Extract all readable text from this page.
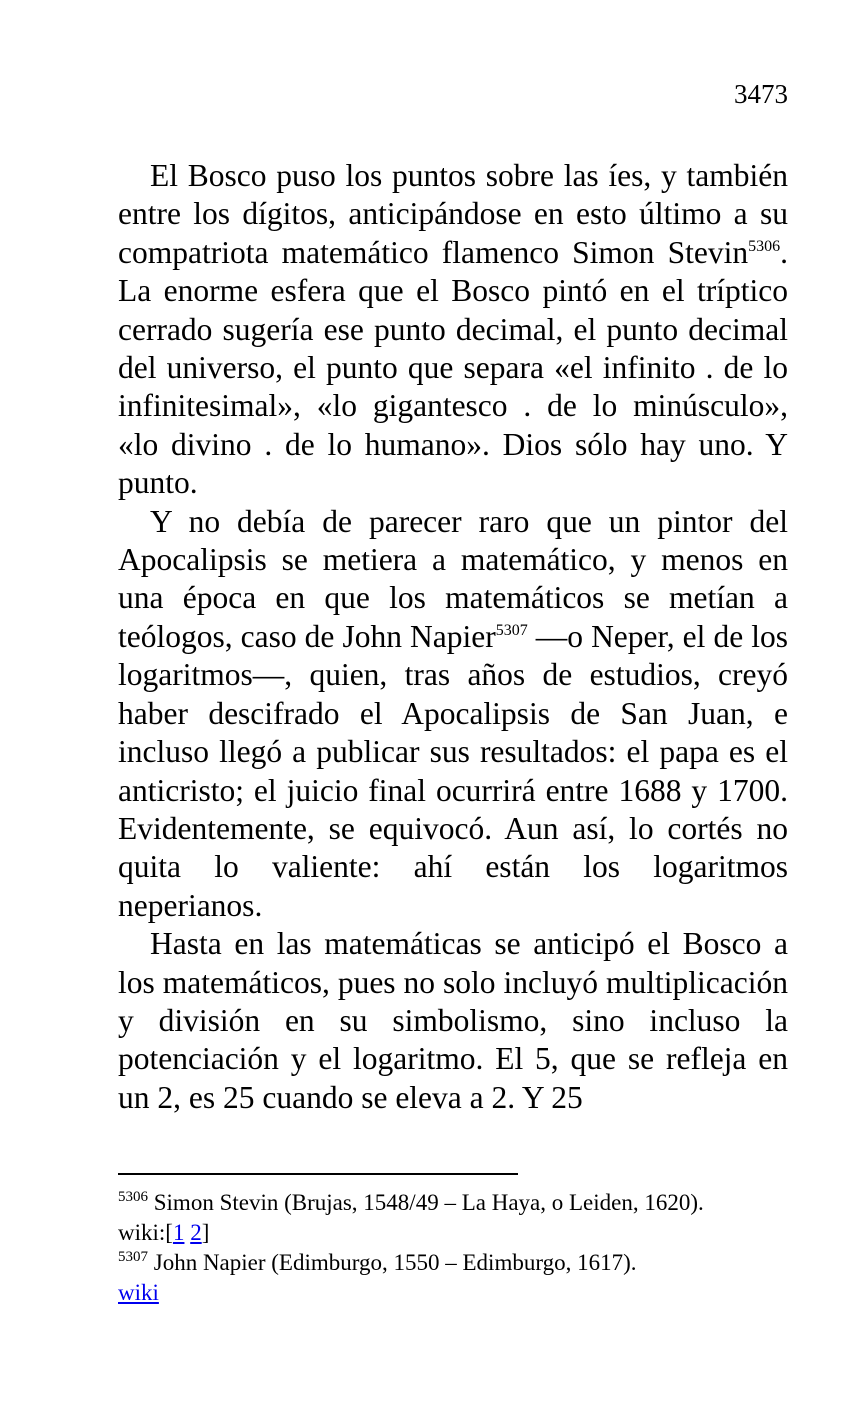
3473

El Bosco puso los puntos sobre las íes, y también entre los dígitos, anticipándose en esto último a su compatriota matemático flamenco Simon Stevin$^{5306}$. La enorme esfera que el Bosco pintó en el tríptico cerrado sugería ese punto decimal, el punto decimal del universo, el punto que separa «el infinito . de lo infinitesimal», «lo gigantesco . de lo minúsculo», «lo divino . de lo humano». Dios sólo hay uno. Y punto.

Y no debía de parecer raro que un pintor del Apocalipsis se metiera a matemático, y menos en una época en que los matemáticos se metían a teólogos, caso de John Napier$^{5307}$ —o Neper, el de los logaritmos—, quien, tras años de estudios, creyó haber descifrado el Apocalipsis de San Juan, e incluso llegó a publicar sus resultados: el papa es el anticristo; el juicio final ocurrirá entre 1688 y 1700. Evidentemente, se equivocó. Aun así, lo cortés no quita lo valiente: ahí están los logaritmos neperianos.

Hasta en las matemáticas se anticipó el Bosco a los matemáticos, pues no solo incluyó multiplicación y división en su simbolismo, sino incluso la potenciación y el logaritmo. El 5, que se refleja en un 2, es 25 cuando se eleva a 2. Y 25

$^{5306}$ Simon Stevin (Brujas, 1548/49 – La Haya, o Leiden, 1620).
wiki:[1 2]

$^{5307}$ John Napier (Edimburgo, 1550 – Edimburgo, 1617).
wiki
